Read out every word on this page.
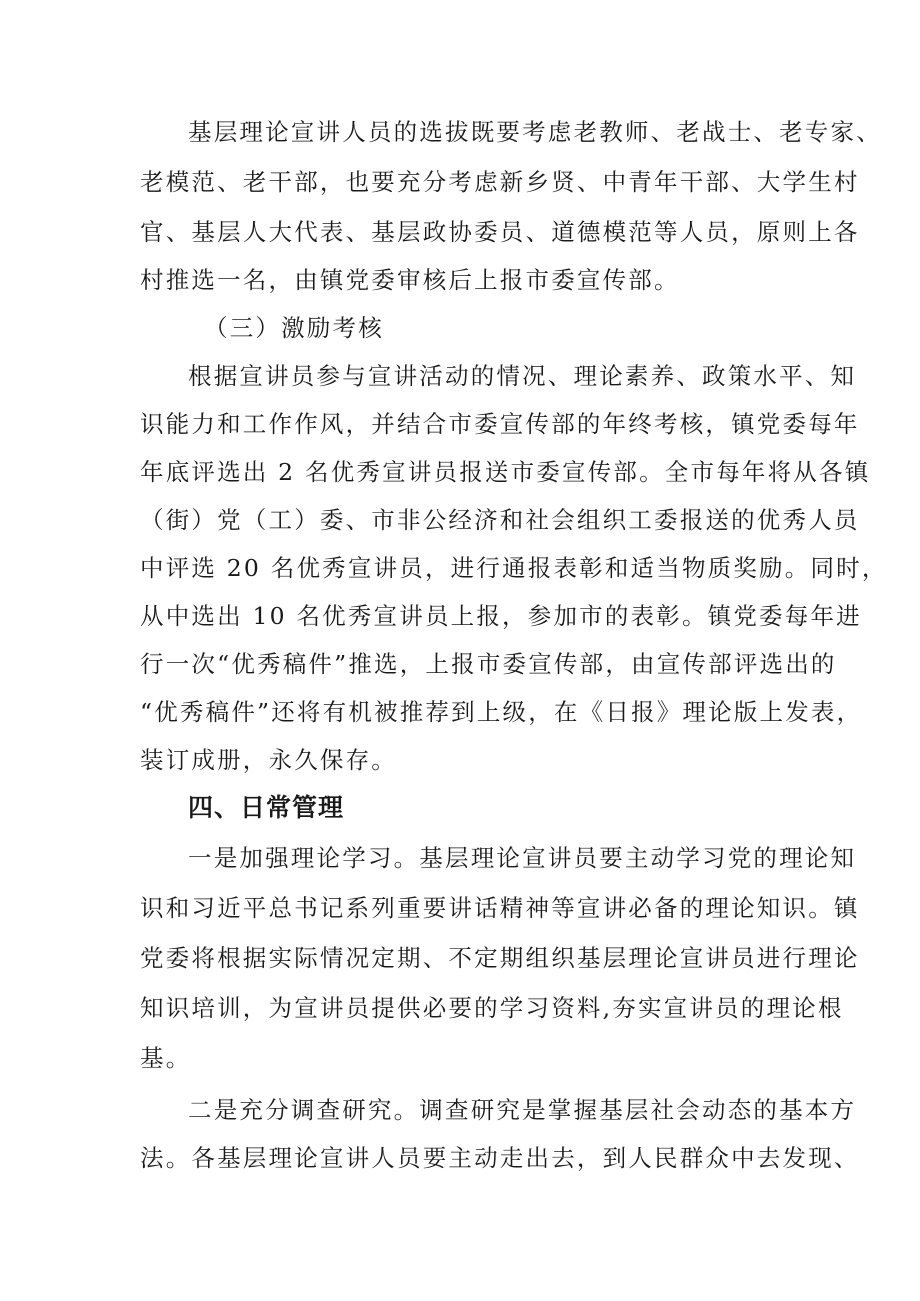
基层理论宣讲人员的选拔既要考虑老教师、老战士、老专家、
老模范、老干部，也要充分考虑新乡贤、中青年干部、大学生村
官、基层人大代表、基层政协委员、道德模范等人员，原则上各
村推选一名，由镇党委审核后上报市委宣传部。
（三）激励考核
根据宣讲员参与宣讲活动的情况、理论素养、政策水平、知
识能力和工作作风，并结合市委宣传部的年终考核，镇党委每年
年底评选出 2 名优秀宣讲员报送市委宣传部。全市每年将从各镇
（街）党（工）委、市非公经济和社会组织工委报送的优秀人员
中评选 20 名优秀宣讲员，进行通报表彰和适当物质奖励。同时，
从中选出 10 名优秀宣讲员上报，参加市的表彰。镇党委每年进
行一次“优秀稿件”推选，上报市委宣传部，由宣传部评选出的
“优秀稿件”还将有机被推荐到上级，在《日报》理论版上发表，
装订成册，永久保存。
四、日常管理
一是加强理论学习。基层理论宣讲员要主动学习党的理论知
识和习近平总书记系列重要讲话精神等宣讲必备的理论知识。镇
党委将根据实际情况定期、不定期组织基层理论宣讲员进行理论
知识培训，为宣讲员提供必要的学习资料,夯实宣讲员的理论根
基。
二是充分调查研究。调查研究是掌握基层社会动态的基本方
法。各基层理论宣讲人员要主动走出去，到人民群众中去发现、
